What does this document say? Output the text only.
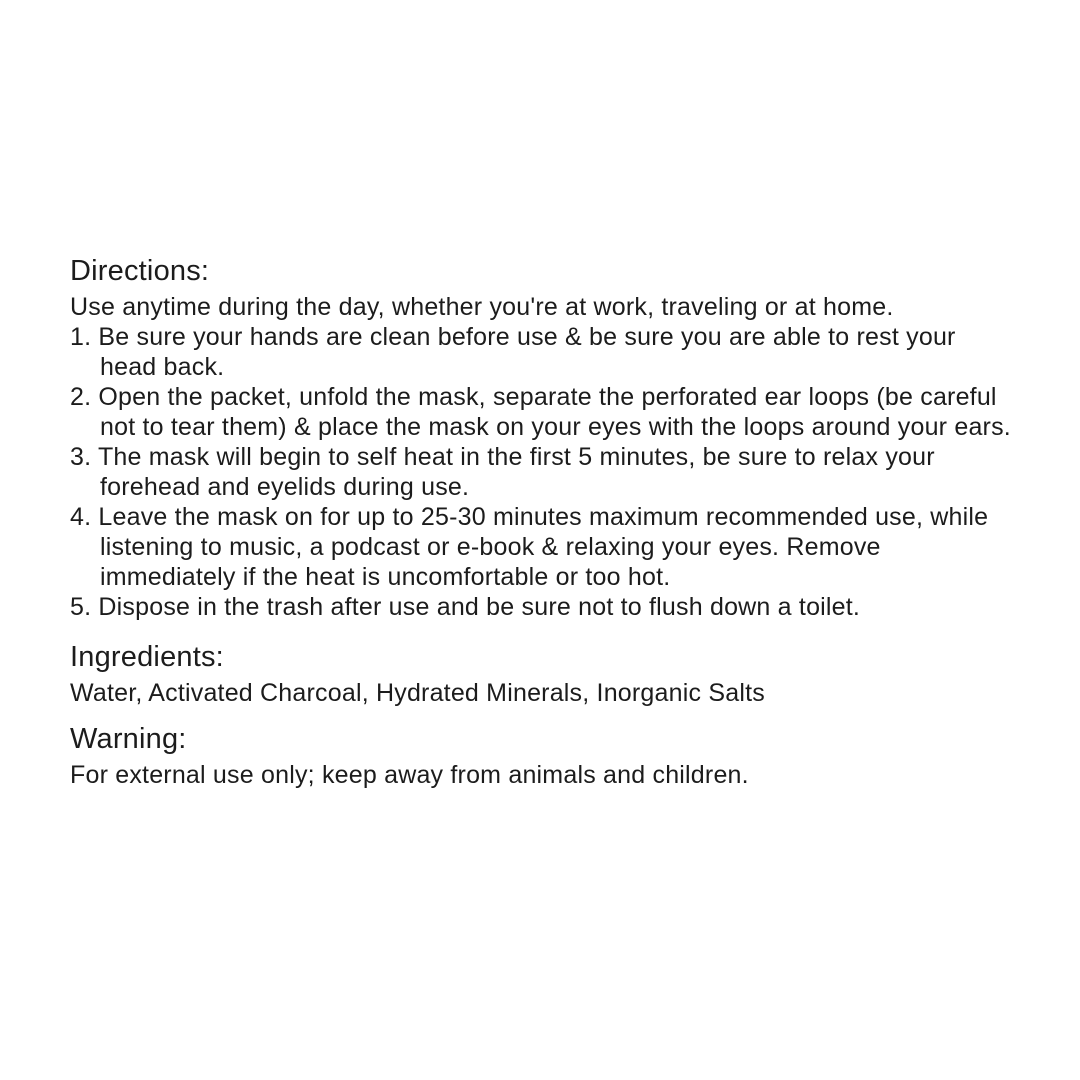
Directions:

Use anytime during the day, whether you're at work, traveling or at home.

Be sure your hands are clean before use & be sure you are able to rest your head back.
Open the packet, unfold the mask, separate the perforated ear loops (be careful not to tear them) & place the mask on your eyes with the loops around your ears.
The mask will begin to self heat in the first 5 minutes, be sure to relax your forehead and eyelids during use.
Leave the mask on for up to 25-30 minutes maximum recommended use, while listening to music, a podcast or e-book & relaxing your eyes. Remove immediately if the heat is uncomfortable or too hot.
Dispose in the trash after use and be sure not to flush down a toilet.
Ingredients:

Water, Activated Charcoal, Hydrated Minerals, Inorganic Salts

Warning:

For external use only; keep away from animals and children.
